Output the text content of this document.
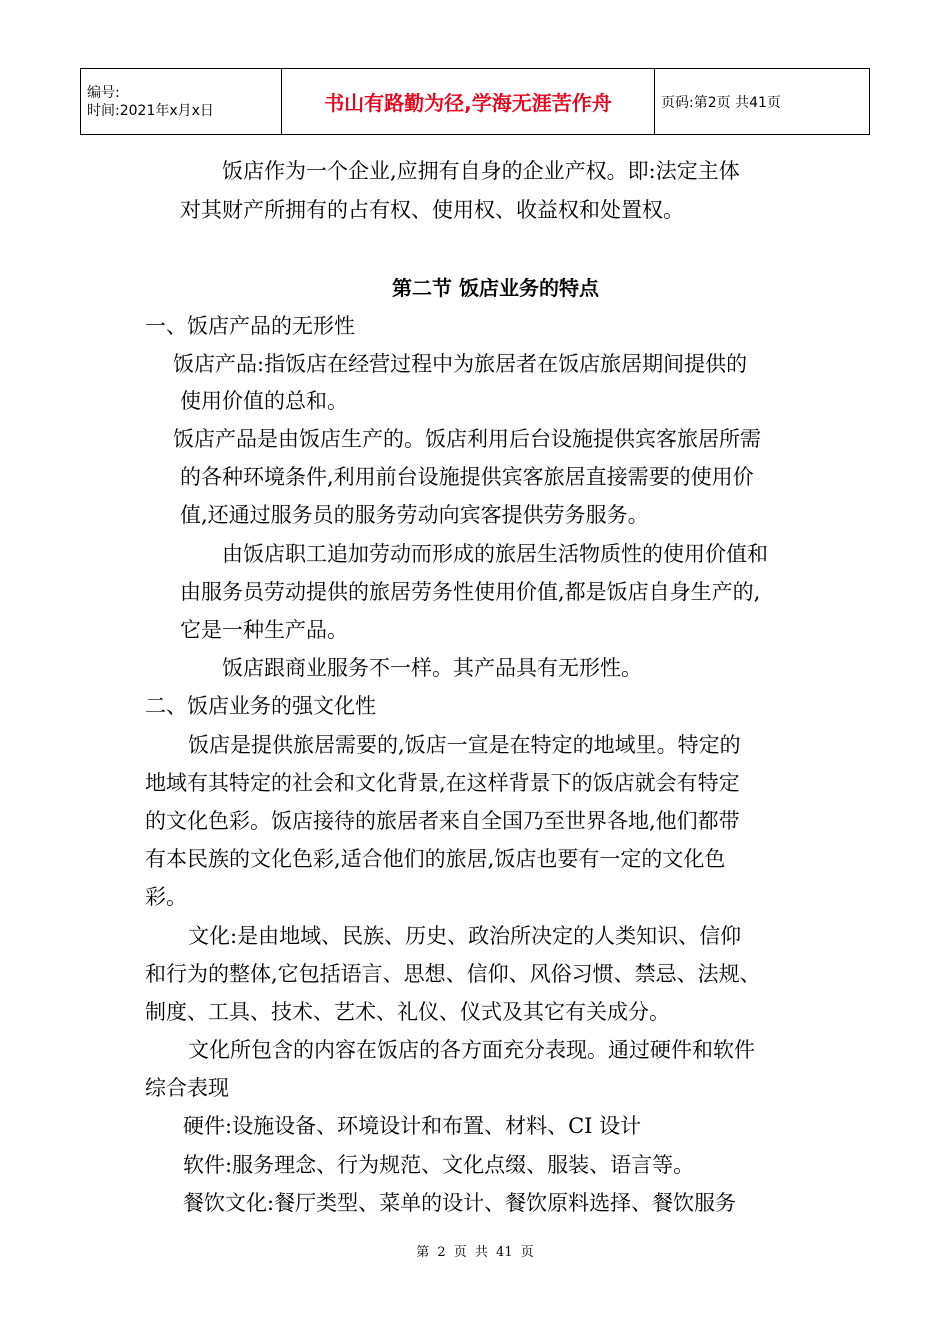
编号:
时间:2021年x月x日	书山有路勤为径,学海无涯苦作舟	页码:第2页 共41页
饭店作为一个企业,应拥有自身的企业产权。即:法定主体
对其财产所拥有的占有权、使用权、收益权和处置权。
第二节 饭店业务的特点
一、饭店产品的无形性
饭店产品:指饭店在经营过程中为旅居者在饭店旅居期间提供的
使用价值的总和。
饭店产品是由饭店生产的。饭店利用后台设施提供宾客旅居所需
的各种环境条件,利用前台设施提供宾客旅居直接需要的使用价
值,还通过服务员的服务劳动向宾客提供劳务服务。
由饭店职工追加劳动而形成的旅居生活物质性的使用价值和
由服务员劳动提供的旅居劳务性使用价值,都是饭店自身生产的,
它是一种生产品。
饭店跟商业服务不一样。其产品具有无形性。
二、饭店业务的强文化性
饭店是提供旅居需要的,饭店一宣是在特定的地域里。特定的
地域有其特定的社会和文化背景,在这样背景下的饭店就会有特定
的文化色彩。饭店接待的旅居者来自全国乃至世界各地,他们都带
有本民族的文化色彩,适合他们的旅居,饭店也要有一定的文化色
彩。
文化:是由地域、民族、历史、政治所决定的人类知识、信仰
和行为的整体,它包括语言、思想、信仰、风俗习惯、禁忌、法规、
制度、工具、技术、艺术、礼仪、仪式及其它有关成分。
文化所包含的内容在饭店的各方面充分表现。通过硬件和软件
综合表现
硬件:设施设备、环境设计和布置、材料、CI 设计
软件:服务理念、行为规范、文化点缀、服装、语言等。
餐饮文化:餐厅类型、菜单的设计、餐饮原料选择、餐饮服务
第 2 页 共 41 页
